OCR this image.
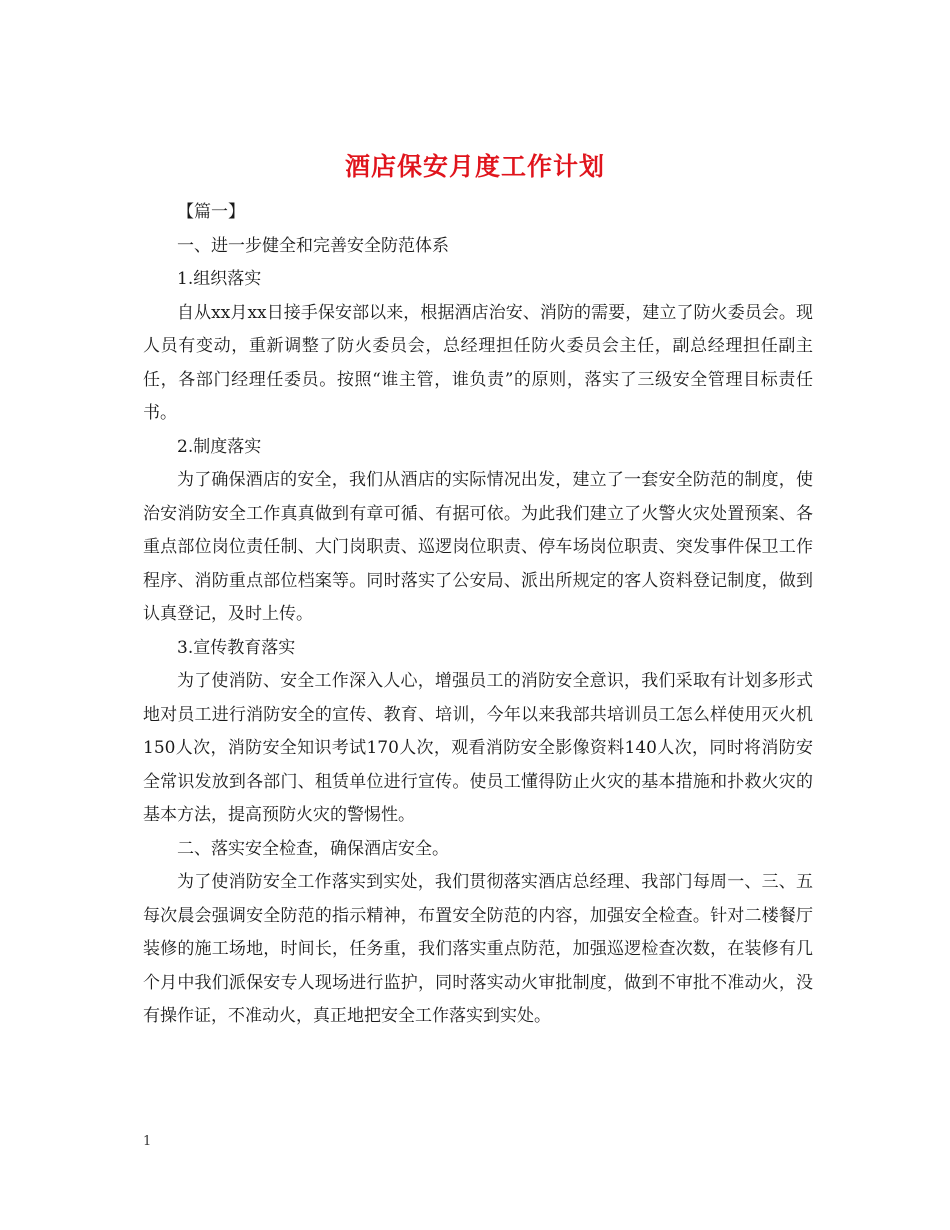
酒店保安月度工作计划

【篇一】

一、进一步健全和完善安全防范体系

1.组织落实

自从xx月xx日接手保安部以来，根据酒店治安、消防的需要，建立了防火委员会。现人员有变动，重新调整了防火委员会，总经理担任防火委员会主任，副总经理担任副主任，各部门经理任委员。按照“谁主管，谁负责”的原则，落实了三级安全管理目标责任书。

2.制度落实

为了确保酒店的安全，我们从酒店的实际情况出发，建立了一套安全防范的制度，使治安消防安全工作真真做到有章可循、有据可依。为此我们建立了火警火灾处置预案、各重点部位岗位责任制、大门岗职责、巡逻岗位职责、停车场岗位职责、突发事件保卫工作程序、消防重点部位档案等。同时落实了公安局、派出所规定的客人资料登记制度，做到认真登记，及时上传。

3.宣传教育落实

为了使消防、安全工作深入人心，增强员工的消防安全意识，我们采取有计划多形式地对员工进行消防安全的宣传、教育、培训，今年以来我部共培训员工怎么样使用灭火机150人次，消防安全知识考试170人次，观看消防安全影像资料140人次，同时将消防安全常识发放到各部门、租赁单位进行宣传。使员工懂得防止火灾的基本措施和扑救火灾的基本方法，提高预防火灾的警惕性。

二、落实安全检查，确保酒店安全。

为了使消防安全工作落实到实处，我们贯彻落实酒店总经理、我部门每周一、三、五每次晨会强调安全防范的指示精神，布置安全防范的内容，加强安全检查。针对二楼餐厅装修的施工场地，时间长，任务重，我们落实重点防范，加强巡逻检查次数，在装修有几个月中我们派保安专人现场进行监护，同时落实动火审批制度，做到不审批不准动火，没有操作证，不准动火，真正地把安全工作落实到实处。

1
